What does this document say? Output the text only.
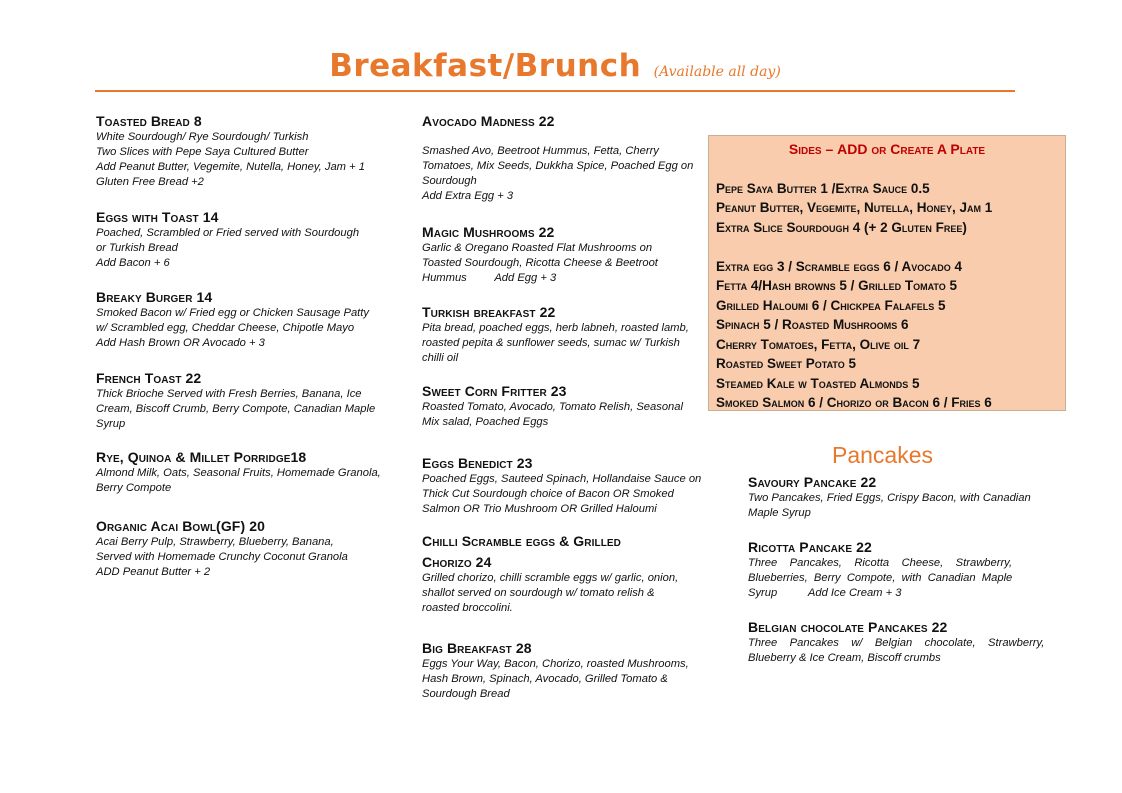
Breakfast/Brunch (Available all day)
Toasted Bread 8
White Sourdough/ Rye Sourdough/ Turkish
Two Slices with Pepe Saya Cultured Butter
Add Peanut Butter, Vegemite, Nutella, Honey, Jam + 1
Gluten Free Bread +2
Eggs with Toast 14
Poached, Scrambled or Fried served with Sourdough
or Turkish Bread
Add Bacon + 6
Breaky Burger 14
Smoked Bacon w/ Fried egg or Chicken Sausage Patty
w/ Scrambled egg, Cheddar Cheese, Chipotle Mayo
Add Hash Brown OR Avocado + 3
French Toast 22
Thick Brioche Served with Fresh Berries, Banana, Ice
Cream, Biscoff Crumb, Berry Compote, Canadian Maple
Syrup
Rye, Quinoa & Millet Porridge18
Almond Milk, Oats, Seasonal Fruits, Homemade Granola,
Berry Compote
Organic Acai Bowl(GF) 20
Acai Berry Pulp, Strawberry, Blueberry, Banana,
Served with Homemade Crunchy Coconut Granola
ADD Peanut Butter + 2
Avocado Madness 22
Smashed Avo, Beetroot Hummus, Fetta, Cherry
Tomatoes, Mix Seeds, Dukkha Spice, Poached Egg on
Sourdough
Add Extra Egg + 3
Magic Mushrooms 22
Garlic & Oregano Roasted Flat Mushrooms on
Toasted Sourdough, Ricotta Cheese & Beetroot
Hummus         Add Egg + 3
Turkish breakfast 22
Pita bread, poached eggs, herb labneh, roasted lamb,
roasted pepita & sunflower seeds, sumac w/ Turkish
chilli oil
Sweet Corn Fritter 23
Roasted Tomato, Avocado, Tomato Relish, Seasonal
Mix salad, Poached Eggs
Eggs Benedict 23
Poached Eggs, Sauteed Spinach, Hollandaise Sauce on
Thick Cut Sourdough choice of Bacon OR Smoked
Salmon OR Trio Mushroom OR Grilled Haloumi
Chilli Scramble eggs & Grilled
Chorizo 24
Grilled chorizo, chilli scramble eggs w/ garlic, onion,
shallot served on sourdough w/ tomato relish &
roasted broccolini.
Big Breakfast 28
Eggs Your Way, Bacon, Chorizo, roasted Mushrooms,
Hash Brown, Spinach, Avocado, Grilled Tomato &
Sourdough Bread
Sides – ADD or Create A Plate
Pepe Saya Butter 1 /Extra Sauce 0.5
Peanut Butter, Vegemite, Nutella, Honey, Jam 1
Extra Slice Sourdough 4 (+ 2 Gluten Free)
Extra egg 3 / Scramble eggs 6 / Avocado 4
Fetta 4/Hash browns 5 / Grilled Tomato 5
Grilled Haloumi 6 / Chickpea Falafels 5
Spinach 5 / Roasted Mushrooms 6
Cherry Tomatoes, Fetta, Olive oil 7
Roasted Sweet Potato 5
Steamed Kale w Toasted Almonds 5
Smoked Salmon 6 / Chorizo or Bacon 6 / Fries 6
Pancakes
Savoury Pancake 22
Two Pancakes, Fried Eggs, Crispy Bacon, with Canadian
Maple Syrup
Ricotta Pancake 22
Three    Pancakes,    Ricotta    Cheese,    Strawberry,
Blueberries,  Berry  Compote,  with  Canadian  Maple
Syrup          Add Ice Cream + 3
Belgian chocolate Pancakes 22
Three    Pancakes    w/    Belgian    chocolate,    Strawberry,
Blueberry & Ice Cream, Biscoff crumbs
